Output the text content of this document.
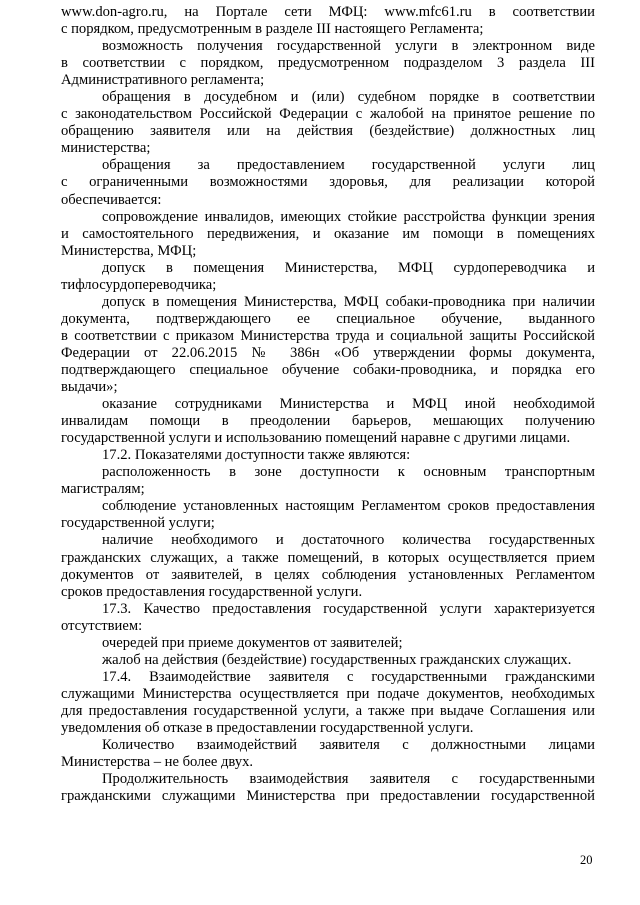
www.don-agro.ru, на Портале сети МФЦ: www.mfc61.ru в соответствии
с порядком, предусмотренным в разделе III настоящего Регламента;
возможность получения государственной услуги в электронном виде
в соответствии с порядком, предусмотренном подразделом 3 раздела III
Административного регламента;
обращения в досудебном и (или) судебном порядке в соответствии
с законодательством Российской Федерации с жалобой на принятое решение по
обращению заявителя или на действия (бездействие) должностных лиц
министерства;
обращения за предоставлением государственной услуги лиц
с ограниченными возможностями здоровья, для реализации которой
обеспечивается:
сопровождение инвалидов, имеющих стойкие расстройства функции зрения
и самостоятельного передвижения, и оказание им помощи в помещениях
Министерства, МФЦ;
допуск в помещения Министерства, МФЦ сурдопереводчика и
тифлосурдопереводчика;
допуск в помещения Министерства, МФЦ собаки-проводника при наличии
документа, подтверждающего ее специальное обучение, выданного
в соответствии с приказом Министерства труда и социальной защиты Российской
Федерации от 22.06.2015 № 386н «Об утверждении формы документа,
подтверждающего специальное обучение собаки-проводника, и порядка его
выдачи»;
оказание сотрудниками Министерства и МФЦ иной необходимой
инвалидам помощи в преодолении барьеров, мешающих получению
государственной услуги и использованию помещений наравне с другими лицами.
17.2. Показателями доступности также являются:
расположенность в зоне доступности к основным транспортным
магистралям;
соблюдение установленных настоящим Регламентом сроков предоставления
государственной услуги;
наличие необходимого и достаточного количества государственных
гражданских служащих, а также помещений, в которых осуществляется прием
документов от заявителей, в целях соблюдения установленных Регламентом
сроков предоставления государственной услуги.
17.3. Качество предоставления государственной услуги характеризуется
отсутствием:
очередей при приеме документов от заявителей;
жалоб на действия (бездействие) государственных гражданских служащих.
17.4. Взаимодействие заявителя с государственными гражданскими
служащими Министерства осуществляется при подаче документов, необходимых
для предоставления государственной услуги, а также при выдаче Соглашения или
уведомления об отказе в предоставлении государственной услуги.
Количество взаимодействий заявителя с должностными лицами
Министерства – не более двух.
Продолжительность взаимодействия заявителя с государственными
гражданскими служащими Министерства при предоставлении государственной
20
